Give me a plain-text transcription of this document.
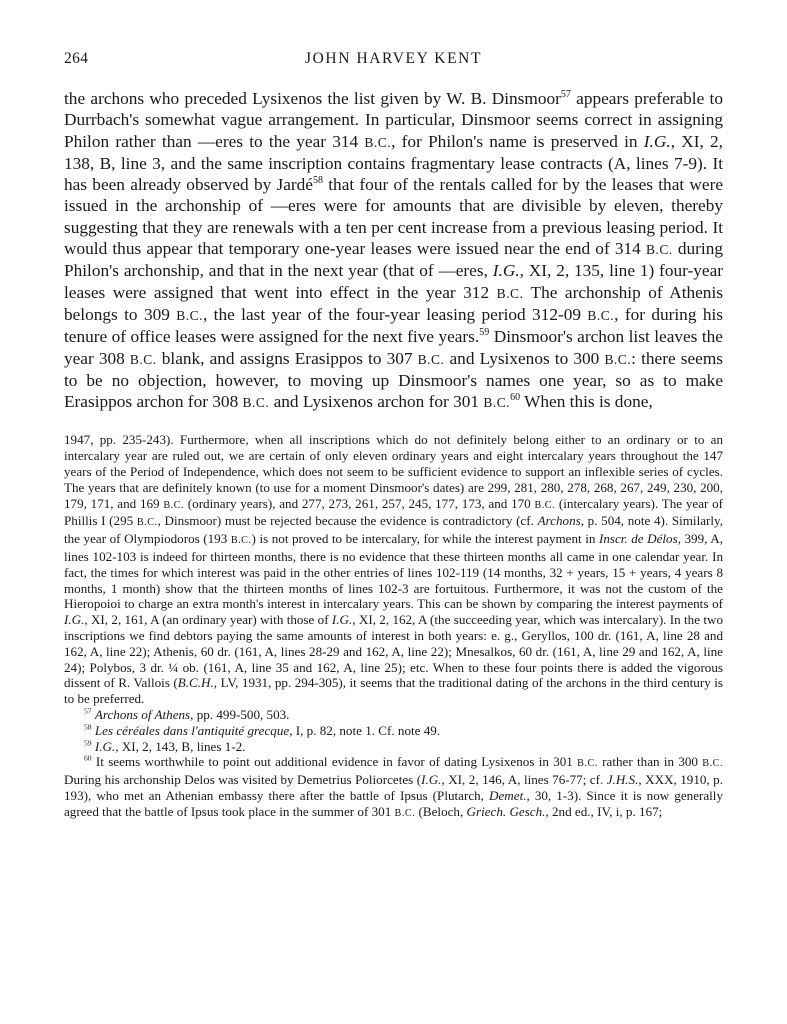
264	JOHN HARVEY KENT

the archons who preceded Lysixenos the list given by W. B. Dinsmoor$^{57}$ appears preferable to Durrbach's somewhat vague arrangement. In particular, Dinsmoor seems correct in assigning Philon rather than —eres to the year 314 B.C., for Philon's name is preserved in I.G., XI, 2, 138, B, line 3, and the same inscription contains fragmentary lease contracts (A, lines 7-9). It has been already observed by Jardé$^{58}$ that four of the rentals called for by the leases that were issued in the archonship of —eres were for amounts that are divisible by eleven, thereby suggesting that they are renewals with a ten per cent increase from a previous leasing period. It would thus appear that temporary one-year leases were issued near the end of 314 B.C. during Philon's archonship, and that in the next year (that of —eres, I.G., XI, 2, 135, line 1) four-year leases were assigned that went into effect in the year 312 B.C. The archonship of Athenis belongs to 309 B.C., the last year of the four-year leasing period 312-09 B.C., for during his tenure of office leases were assigned for the next five years.$^{59}$ Dinsmoor's archon list leaves the year 308 B.C. blank, and assigns Erasippos to 307 B.C. and Lysixenos to 300 B.C.: there seems to be no objection, however, to moving up Dinsmoor's names one year, so as to make Erasippos archon for 308 B.C. and Lysixenos archon for 301 B.C.$^{60}$ When this is done,

1947, pp. 235-243). Furthermore, when all inscriptions which do not definitely belong either to an ordinary or to an intercalary year are ruled out, we are certain of only eleven ordinary years and eight intercalary years throughout the 147 years of the Period of Independence, which does not seem to be sufficient evidence to support an inflexible series of cycles. The years that are definitely known (to use for a moment Dinsmoor's dates) are 299, 281, 280, 278, 268, 267, 249, 230, 200, 179, 171, and 169 B.C. (ordinary years), and 277, 273, 261, 257, 245, 177, 173, and 170 B.C. (intercalary years). The year of Phillis I (295 B.C., Dinsmoor) must be rejected because the evidence is contradictory (cf. Archons, p. 504, note 4). Similarly, the year of Olympiodoros (193 B.C.) is not proved to be intercalary, for while the interest payment in Inscr. de Délos, 399, A, lines 102-103 is indeed for thirteen months, there is no evidence that these thirteen months all came in one calendar year. In fact, the times for which interest was paid in the other entries of lines 102-119 (14 months, 32 + years, 15 + years, 4 years 8 months, 1 month) show that the thirteen months of lines 102-3 are fortuitous. Furthermore, it was not the custom of the Hieropoioi to charge an extra month's interest in intercalary years. This can be shown by comparing the interest payments of I.G., XI, 2, 161, A (an ordinary year) with those of I.G., XI, 2, 162, A (the succeeding year, which was intercalary). In the two inscriptions we find debtors paying the same amounts of interest in both years: e. g., Geryllos, 100 dr. (161, A, line 28 and 162, A, line 22); Athenis, 60 dr. (161, A, lines 28-29 and 162, A, line 22); Mnesalkos, 60 dr. (161, A, line 29 and 162, A, line 24); Polybos, 3 dr. ¼ ob. (161, A, line 35 and 162, A, line 25); etc. When to these four points there is added the vigorous dissent of R. Vallois (B.C.H., LV, 1931, pp. 294-305), it seems that the traditional dating of the archons in the third century is to be preferred.

$^{57}$ Archons of Athens, pp. 499-500, 503.

$^{58}$ Les céréales dans l'antiquité grecque, I, p. 82, note 1. Cf. note 49.

$^{59}$ I.G., XI, 2, 143, B, lines 1-2.

$^{60}$ It seems worthwhile to point out additional evidence in favor of dating Lysixenos in 301 B.C. rather than in 300 B.C. During his archonship Delos was visited by Demetrius Poliorcetes (I.G., XI, 2, 146, A, lines 76-77; cf. J.H.S., XXX, 1910, p. 193), who met an Athenian embassy there after the battle of Ipsus (Plutarch, Demet., 30, 1-3). Since it is now generally agreed that the battle of Ipsus took place in the summer of 301 B.C. (Beloch, Griech. Gesch., 2nd ed., IV, i, p. 167;
